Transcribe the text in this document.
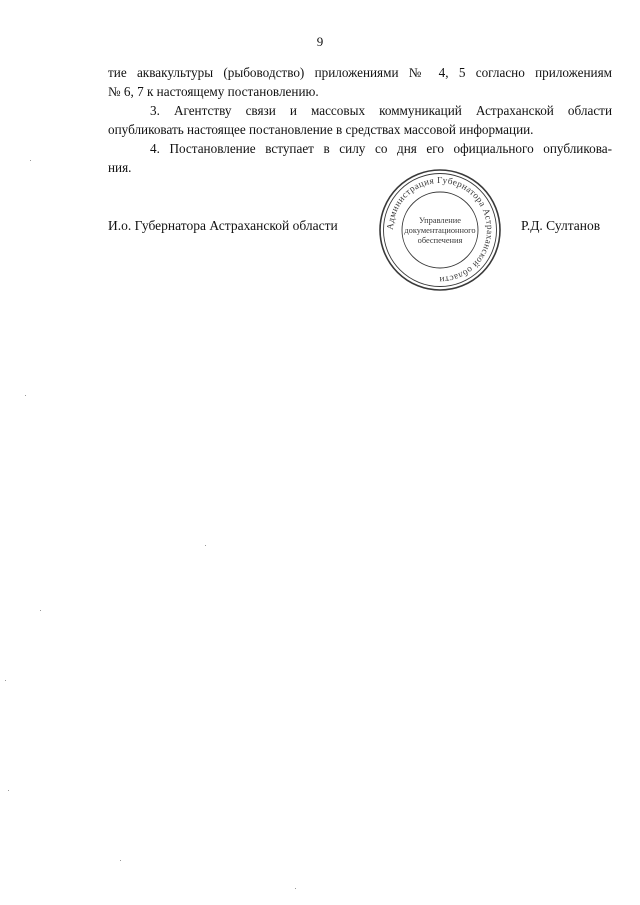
9
тие аквакультуры (рыбоводство) приложениями № 4, 5 согласно приложениям
№ 6, 7 к настоящему постановлению.
3. Агентству связи и массовых коммуникаций Астраханской области
опубликовать настоящее постановление в средствах массовой информации.
4. Постановление вступает в силу со дня его официального опубликова-
ния.
И.о. Губернатора Астраханской области	Р.Д. Султанов
Администрация Губернатора Астраханской области
Управление
документационного
обеспечения
